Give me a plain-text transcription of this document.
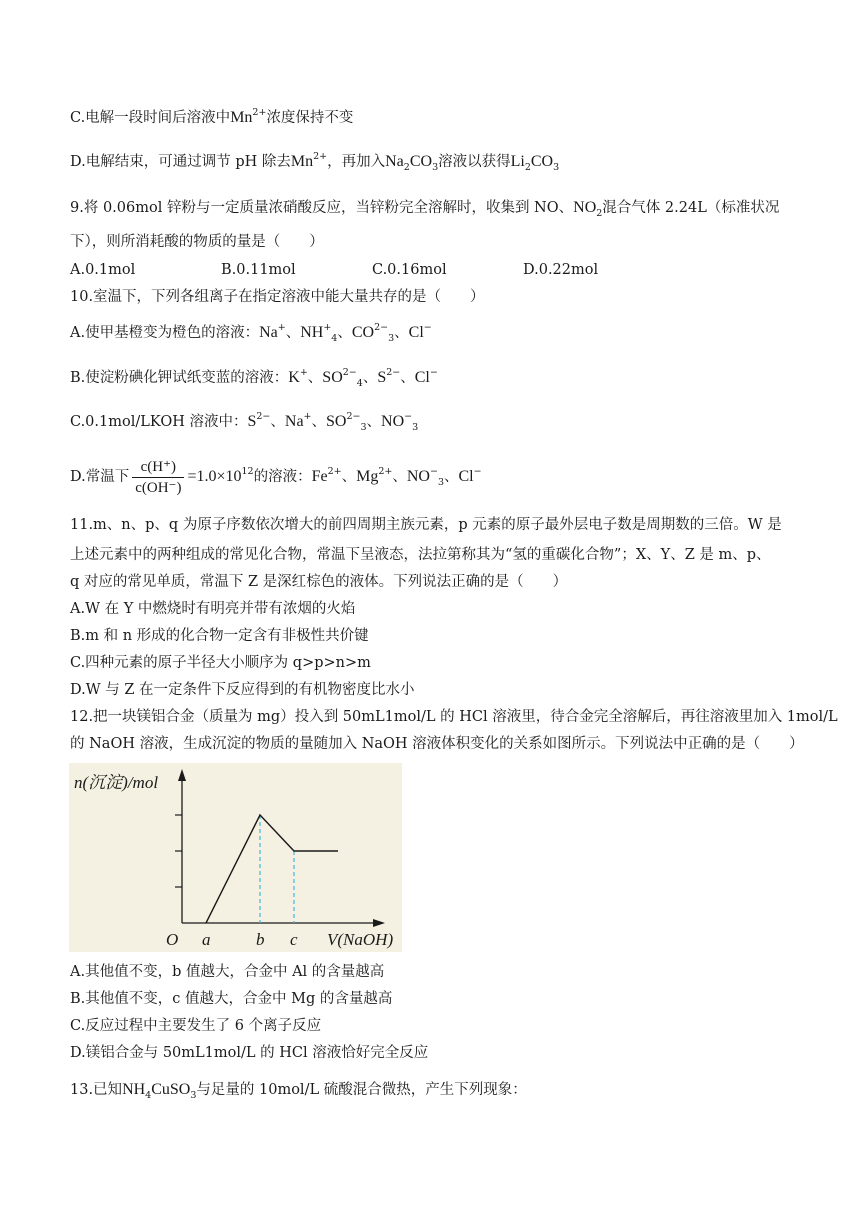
C.电解一段时间后溶液中$Mn^{2+}$浓度保持不变
D.电解结束，可通过调节 pH 除去$Mn^{2+}$，再加入$Na_2CO_3$溶液以获得$Li_2CO_3$
9.将 0.06mol 锌粉与一定质量浓硝酸反应，当锌粉完全溶解时，收集到 NO、$NO_2$混合气体 2.24L（标准状况
下），则所消耗酸的物质的量是（　　）
A.0.1mol	B.0.11mol	C.0.16mol	D.0.22mol
10.室温下，下列各组离子在指定溶液中能大量共存的是（　　）
A.使甲基橙变为橙色的溶液：Na+、$NH^+_4$、$CO^{2-}_3$、Cl−
B.使淀粉碘化钾试纸变蓝的溶液：K+、$SO^{2-}_4$、$S^{2-}$、Cl−
C.0.1mol/LKOH 溶液中：$S^{2-}$、Na+、$SO^{2-}_3$、$NO^-_3$
D.常温下 $\frac{c(H^+)}{c(OH^-)} =1.0\times 10^{12}$的溶液：$Fe^{2+}$、$Mg^{2+}$、$NO^-_3$、Cl−
11.m、n、p、q 为原子序数依次增大的前四周期主族元素，p 元素的原子最外层电子数是周期数的三倍。W 是
上述元素中的两种组成的常见化合物，常温下呈液态，法拉第称其为“氢的重碳化合物”；X、Y、Z 是 m、p、
q 对应的常见单质，常温下 Z 是深红棕色的液体。下列说法正确的是（　　）
A.W 在 Y 中燃烧时有明亮并带有浓烟的火焰
B.m 和 n 形成的化合物一定含有非极性共价键
C.四种元素的原子半径大小顺序为 q>p>n>m
D.W 与 Z 在一定条件下反应得到的有机物密度比水小
12.把一块镁铝合金（质量为 mg）投入到 50mL1mol/L 的 HCl 溶液里，待合金完全溶解后，再往溶液里加入 1mol/L
的 NaOH 溶液，生成沉淀的物质的量随加入 NaOH 溶液体积变化的关系如图所示。下列说法中正确的是（　　）
n(沉淀)/mol
O a	b c V(NaOH)
A.其他值不变，b 值越大，合金中 Al 的含量越高
B.其他值不变，c 值越大，合金中 Mg 的含量越高
C.反应过程中主要发生了 6 个离子反应
D.镁铝合金与 50mL1mol/L 的 HCl 溶液恰好完全反应
13.已知$NH_4CuSO_3$与足量的 10mol/L 硫酸混合微热，产生下列现象：
